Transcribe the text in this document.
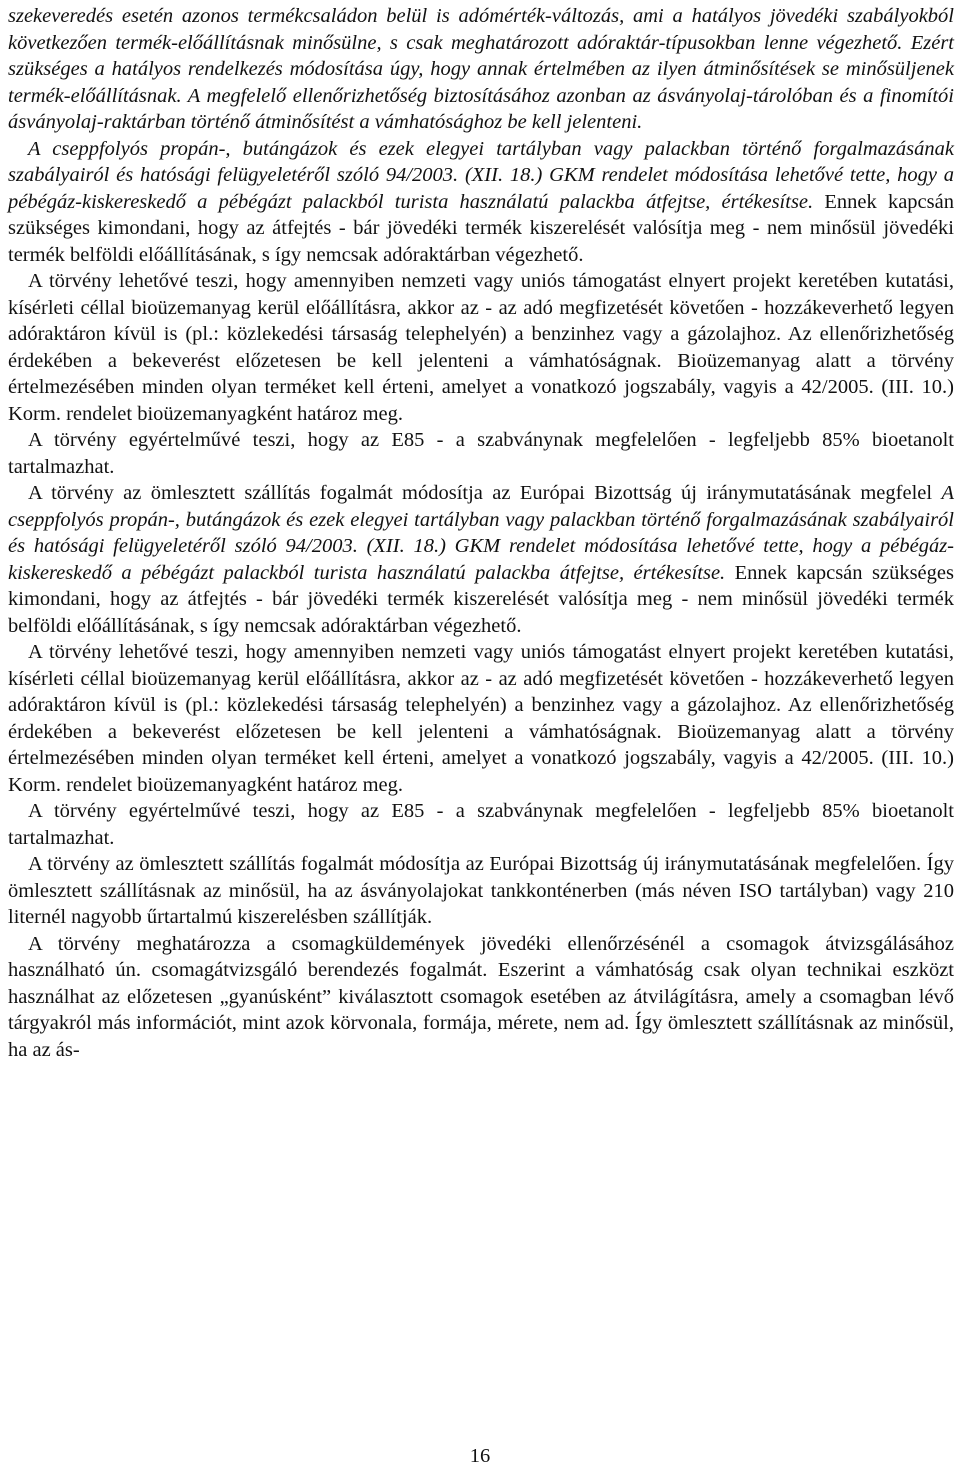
szekeveredés esetén azonos termékcsaládon belül is adómérték-változás, ami a hatályos jövedéki szabályokból következően termék-előállításnak minősülne, s csak meghatározott adóraktár-típusokban lenne végezhető. Ezért szükséges a hatályos rendelkezés módosítása úgy, hogy annak értelmében az ilyen átminősítések se minősüljenek termék-előállításnak. A megfelelő ellenőrizhetőség biztosításához azonban az ásványolaj-tárolóban és a finomítói ásványolaj-raktárban történő átminősítést a vámhatósághoz be kell jelenteni.

A cseppfolyós propán-, butángázok és ezek elegyei tartályban vagy palackban történő forgalmazásának szabályairól és hatósági felügyeletéről szóló 94/2003. (XII. 18.) GKM rendelet módosítása lehetővé tette, hogy a pébégáz-kiskereskedő a pébégázt palackból turista használatú palackba átfejtse, értékesítse. Ennek kapcsán szükséges kimondani, hogy az átfejtés - bár jövedéki termék kiszerelését valósítja meg - nem minősül jövedéki termék belföldi előállításának, s így nemcsak adóraktárban végezhető.

A törvény lehetővé teszi, hogy amennyiben nemzeti vagy uniós támogatást elnyert projekt keretében kutatási, kísérleti céllal bioüzemanyag kerül előállításra, akkor az - az adó megfizetését követően - hozzákeverhető legyen adóraktáron kívül is (pl.: közlekedési társaság telephelyén) a benzinhez vagy a gázolajhoz. Az ellenőrizhetőség érdekében a bekeverést előzetesen be kell jelenteni a vámhatóságnak. Bioüzemanyag alatt a törvény értelmezésében minden olyan terméket kell érteni, amelyet a vonatkozó jogszabály, vagyis a 42/2005. (III. 10.) Korm. rendelet bioüzemanyagként határoz meg.

A törvény egyértelművé teszi, hogy az E85 - a szabványnak megfelelően - legfeljebb 85% bioetanolt tartalmazhat.

A törvény az ömlesztett szállítás fogalmát módosítja az Európai Bizottság új iránymutatásának megfelel A cseppfolyós propán-, butángázok és ezek elegyei tartályban vagy palackban történő forgalmazásának szabályairól és hatósági felügyeletéről szóló 94/2003. (XII. 18.) GKM rendelet módosítása lehetővé tette, hogy a pébégáz-kiskereskedő a pébégázt palackból turista használatú palackba átfejtse, értékesítse. Ennek kapcsán szükséges kimondani, hogy az átfejtés - bár jövedéki termék kiszerelését valósítja meg - nem minősül jövedéki termék belföldi előállításának, s így nemcsak adóraktárban végezhető.

A törvény lehetővé teszi, hogy amennyiben nemzeti vagy uniós támogatást elnyert projekt keretében kutatási, kísérleti céllal bioüzemanyag kerül előállításra, akkor az - az adó megfizetését követően - hozzákeverhető legyen adóraktáron kívül is (pl.: közlekedési társaság telephelyén) a benzinhez vagy a gázolajhoz. Az ellenőrizhetőség érdekében a bekeverést előzetesen be kell jelenteni a vámhatóságnak. Bioüzemanyag alatt a törvény értelmezésében minden olyan terméket kell érteni, amelyet a vonatkozó jogszabály, vagyis a 42/2005. (III. 10.) Korm. rendelet bioüzemanyagként határoz meg.

A törvény egyértelművé teszi, hogy az E85 - a szabványnak megfelelően - legfeljebb 85% bioetanolt tartalmazhat.

A törvény az ömlesztett szállítás fogalmát módosítja az Európai Bizottság új iránymutatásának megfelelően. Így ömlesztett szállításnak az minősül, ha az ásványolajokat tankkonténerben (más néven ISO tartályban) vagy 210 liternél nagyobb űrtartalmú kiszerelésben szállítják.

A törvény meghatározza a csomagküldemények jövedéki ellenőrzésénél a csomagok átvizsgálásához használható ún. csomagátvizsgáló berendezés fogalmát. Eszerint a vámhatóság csak olyan technikai eszközt használhat az előzetesen „gyanúsként” kiválasztott csomagok esetében az átvilágításra, amely a csomagban lévő tárgyakról más információt, mint azok körvonala, formája, mérete, nem ad. Így ömlesztett szállításnak az minősül, ha az ás-

16
